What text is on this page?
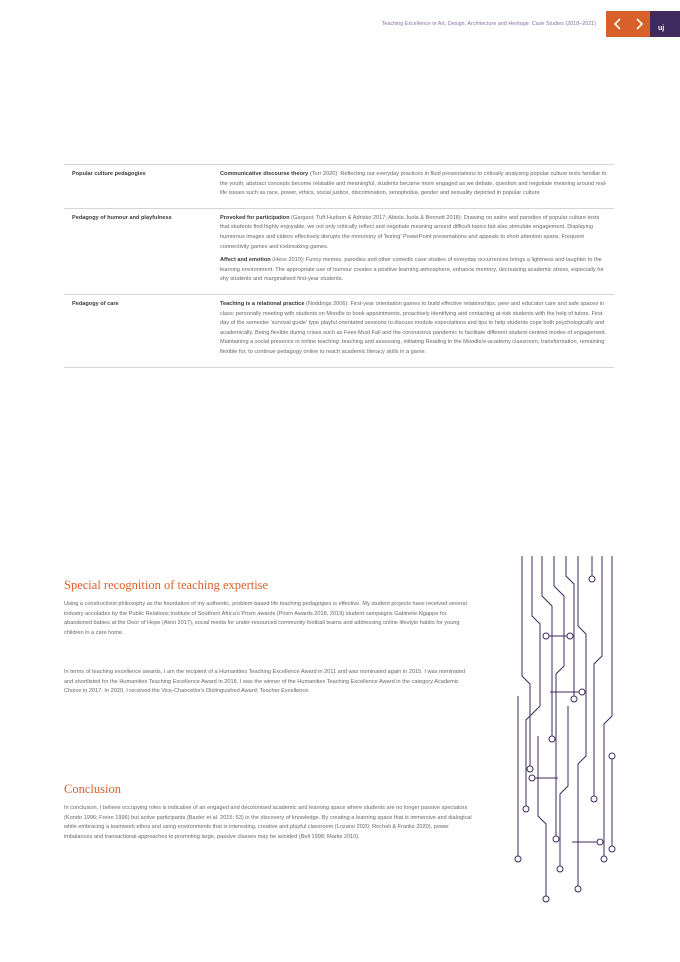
Teaching Excellence in Art, Design, Architecture and Heritage: Case Studies (2018–2021)
uj
Popular culture pedagogies	Communicative discourse theory (Torr 2020): Reflecting our everyday practices in fluid presentations to critically analysing popular culture texts familiar to the youth; abstract concepts become relatable and meaningful, students became more engaged as we debate, question and negotiate meaning around real-life issues such as race, power, ethics, social justice, discrimination, xenophobia, gender and sexuality depicted in popular culture.

Pedagogy of humour and playfulness	Provoked for participation (Gargani; Tuft Hudson & Adrisko 2017; Abiola Juola & Bennett 2018): Drawing on satire and parodies of popular culture texts that students find highly enjoyable, we not only critically reflect and negotiate meaning around difficult topics but also stimulate engagement. Displaying humorous images and videos effectively disrupts the monotony of 'boring' PowerPoint presentations and appeals to short attention spans. Frequent connectivity games and icebreaking games.

Affect and emotion (Hess 2010): Funny memes, parodies and other comedic case studies of everyday occurrences brings a lightness and laughter to the learning environment. The appropriate use of humour creates a positive learning atmosphere, enhance memory, decreasing academic stress, especially for shy students and marginalised first-year students.

Pedagogy of care	Teaching is a relational practice (Noddings 2006): First-year orientation games to build effective relationships, peer and educator care and safe spaces in class; personally meeting with students on Moodle to book appointments, proactively identifying and contacting at-risk students with the help of tutors. First day of the semester 'survival guide' type playful orientated sessions to discuss module expectations and tips to help students cope both psychologically and academically. Being flexible during crises such as Fees Must Fall and the coronavirus pandemic to facilitate different student-centred modes of engagement. Maintaining a social presence in online teaching: teaching and assessing, initiating Reading in the Moodle/e-academy classroom, transformation, remaining flexible for, to continue pedagogy online to reach academic literacy skills in a game.

Special recognition of teaching expertise

Using a constructivist philosophy as the foundation of my authentic, problem-based life teaching pedagogies is effective. My student projects have received several industry accolades by the Public Relations Institute of Southern Africa's Prism awards (Prism Awards 2018, 2019) student campaigns Gabinete-Ngappe for abandoned babies at the Door of Hope (Alexi 2017), social media for under-resourced community football teams and addressing online lifestyle habits for young children in a care home.

In terms of teaching excellence awards, I am the recipient of a Humanities Teaching Excellence Award in 2011 and was nominated again in 2015. I was nominated and shortlisted for the Humanities Teaching Excellence Award in 2018. I was the winner of the Humanities Teaching Excellence Award in the category Academic Choice in 2017. In 2020, I received the Vice-Chancellor's Distinguished Award: Teacher Excellence.

Conclusion

In conclusion, I believe occupying roles is indicative of an engaged and decolonised academic and learning space where students are no longer passive spectators (Kondo 1996; Freire 1996) but active participants (Baxter et al. 2015; 53) in the discovery of knowledge. By creating a learning space that is immersive and dialogical while embracing a teamwork ethos and using environments that is interesting, creative and playful classroom (Lozano 2020; Rocheli & Franks 2020), power imbalances and transactional approaches to promoting large, passive classes may be avoided (Bell 1998; Marks 2010).
